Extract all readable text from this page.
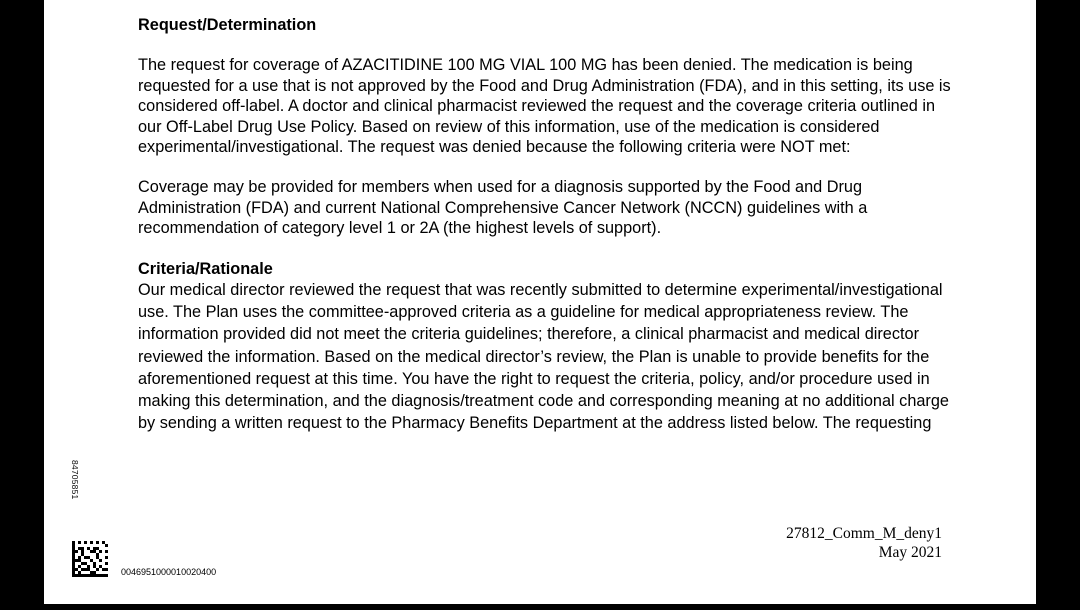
Request/Determination

The request for coverage of AZACITIDINE 100 MG VIAL 100 MG has been denied. The medication is being requested for a use that is not approved by the Food and Drug Administration (FDA), and in this setting, its use is considered off-label. A doctor and clinical pharmacist reviewed the request and the coverage criteria outlined in our Off-Label Drug Use Policy. Based on review of this information, use of the medication is considered experimental/investigational. The request was denied because the following criteria were NOT met:

Coverage may be provided for members when used for a diagnosis supported by the Food and Drug Administration (FDA) and current National Comprehensive Cancer Network (NCCN) guidelines with a recommendation of category level 1 or 2A (the highest levels of support).

Criteria/Rationale

Our medical director reviewed the request that was recently submitted to determine experimental/investigational use. The Plan uses the committee-approved criteria as a guideline for medical appropriateness review. The information provided did not meet the criteria guidelines; therefore, a clinical pharmacist and medical director reviewed the information. Based on the medical director’s review, the Plan is unable to provide benefits for the aforementioned request at this time. You have the right to request the criteria, policy, and/or procedure used in making this determination, and the diagnosis/treatment code and corresponding meaning at no additional charge by sending a written request to the Pharmacy Benefits Department at the address listed below. The requesting

84705851
0046951000010020400
27812_Comm_M_deny1
May 2021
